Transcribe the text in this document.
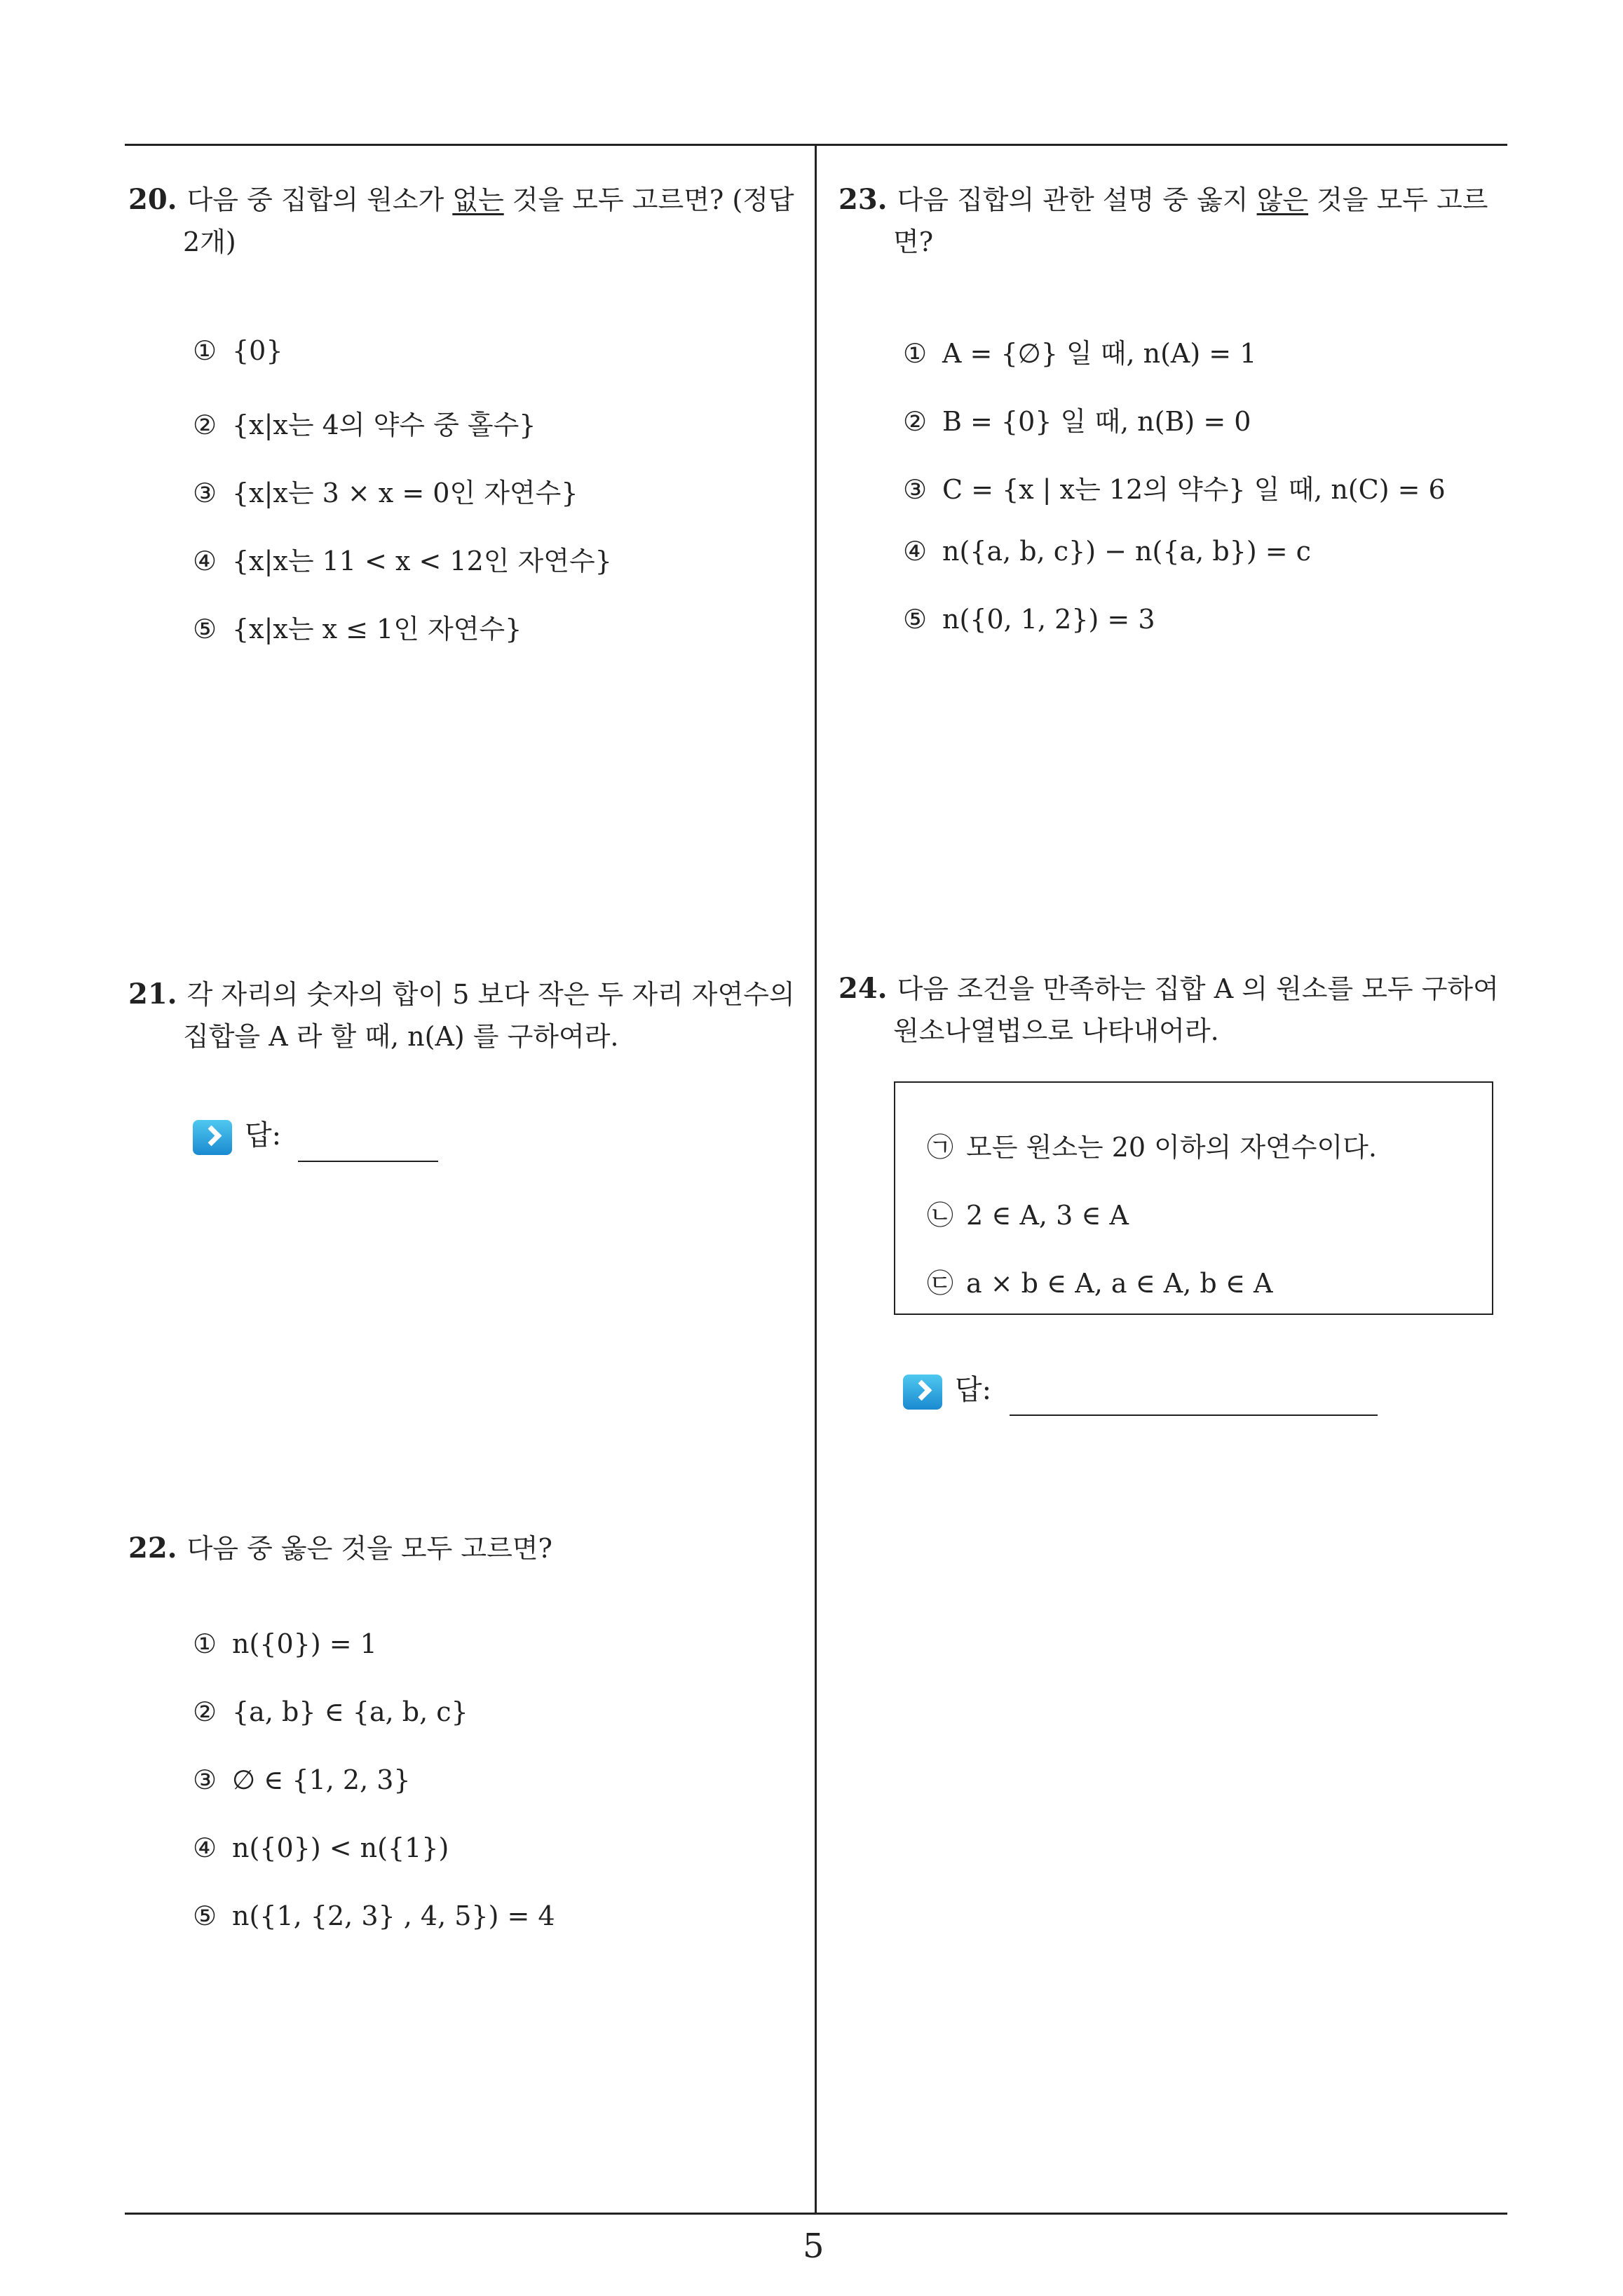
20. 다음 중 집합의 원소가 없는 것을 모두 고르면? (정답
2개)
① {0}
② {x|x는 4의 약수 중 홀수}
③ {x|x는 3 × x = 0인 자연수}
④ {x|x는 11 < x < 12인 자연수}
⑤ {x|x는 x ≤ 1인 자연수}
21. 각 자리의 숫자의 합이 5 보다 작은 두 자리 자연수의
집합을 A 라 할 때, n(A) 를 구하여라.
답:
22. 다음 중 옳은 것을 모두 고르면?
① n({0}) = 1
② {a, b} ∈ {a, b, c}
③ ∅ ∈ {1, 2, 3}
④ n({0}) < n({1})
⑤ n({1, {2, 3} , 4, 5}) = 4
23. 다음 집합의 관한 설명 중 옳지 않은 것을 모두 고르
면?
① A = {∅} 일 때, n(A) = 1
② B = {0} 일 때, n(B) = 0
③ C = {x | x는 12의 약수} 일 때, n(C) = 6
④ n({a, b, c}) − n({a, b}) = c
⑤ n({0, 1, 2}) = 3
24. 다음 조건을 만족하는 집합 A 의 원소를 모두 구하여
원소나열법으로 나타내어라.
㉠ 모든 원소는 20 이하의 자연수이다.
㉡ 2 ∈ A, 3 ∈ A
㉢ a × b ∈ A, a ∈ A, b ∈ A
답:
5
